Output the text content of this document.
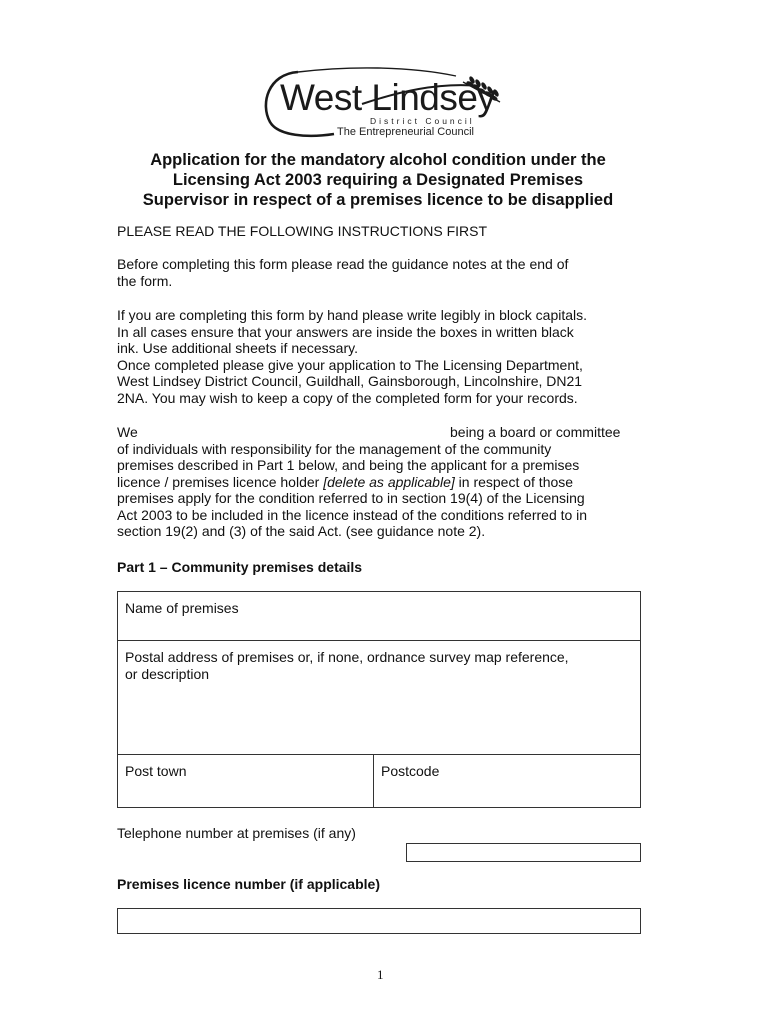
West Lindsey
District Council
The Entrepreneurial Council
Application for the mandatory alcohol condition under the
Licensing Act 2003 requiring a Designated Premises
Supervisor in respect of a premises licence to be disapplied
PLEASE READ THE FOLLOWING INSTRUCTIONS FIRST
Before completing this form please read the guidance notes at the end of
the form.
If you are completing this form by hand please write legibly in block capitals.
In all cases ensure that your answers are inside the boxes in written black
ink. Use additional sheets if necessary.
Once completed please give your application to The Licensing Department,
West Lindsey District Council, Guildhall, Gainsborough, Lincolnshire, DN21
2NA. You may wish to keep a copy of the completed form for your records.
We	being a board or committee
of individuals with responsibility for the management of the community
premises described in Part 1 below, and being the applicant for a premises
licence / premises licence holder [delete as applicable] in respect of those
premises apply for the condition referred to in section 19(4) of the Licensing
Act 2003 to be included in the licence instead of the conditions referred to in
section 19(2) and (3) of the said Act. (see guidance note 2).
Part 1 – Community premises details
Name of premises
Postal address of premises or, if none, ordnance survey map reference,
or description
Post town	Postcode
Telephone number at premises (if any)
Premises licence number (if applicable)
1
